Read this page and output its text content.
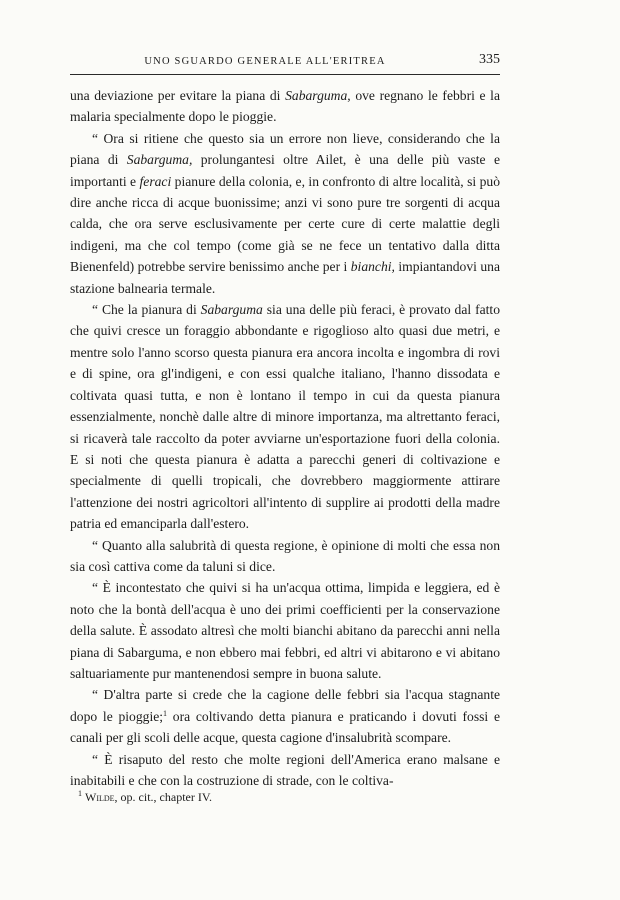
UNO SGUARDO GENERALE ALL'ERITREA	335

una deviazione per evitare la piana di Sabarguma, ove regnano le febbri e la malaria specialmente dopo le pioggie.

“ Ora si ritiene che questo sia un errore non lieve, considerando che la piana di Sabarguma, prolungantesi oltre Ailet, è una delle più vaste e importanti e feraci pianure della colonia, e, in confronto di altre località, si può dire anche ricca di acque buonissime; anzi vi sono pure tre sorgenti di acqua calda, che ora serve esclusivamente per certe cure di certe malattie degli indigeni, ma che col tempo (come già se ne fece un tentativo dalla ditta Bienenfeld) potrebbe servire benissimo anche per i bianchi, impiantandovi una stazione balnearia termale.

“ Che la pianura di Sabarguma sia una delle più feraci, è provato dal fatto che quivi cresce un foraggio abbondante e rigoglioso alto quasi due metri, e mentre solo l'anno scorso questa pianura era ancora incolta e ingombra di rovi e di spine, ora gl'indigeni, e con essi qualche italiano, l'hanno dissodata e coltivata quasi tutta, e non è lontano il tempo in cui da questa pianura essenzialmente, nonchè dalle altre di minore importanza, ma altrettanto feraci, si ricaverà tale raccolto da poter avviarne un'esportazione fuori della colonia. E si noti che questa pianura è adatta a parecchi generi di coltivazione e specialmente di quelli tropicali, che dovrebbero maggiormente attirare l'attenzione dei nostri agricoltori all'intento di supplire ai prodotti della madre patria ed emanciparla dall'estero.

“ Quanto alla salubrità di questa regione, è opinione di molti che essa non sia così cattiva come da taluni si dice.

“ È incontestato che quivi si ha un'acqua ottima, limpida e leggiera, ed è noto che la bontà dell'acqua è uno dei primi coefficienti per la conservazione della salute. È assodato altresì che molti bianchi abitano da parecchi anni nella piana di Sabarguma, e non ebbero mai febbri, ed altri vi abitarono e vi abitano saltuariamente pur mantenendosi sempre in buona salute.

“ D'altra parte si crede che la cagione delle febbri sia l'acqua stagnante dopo le pioggie;$^1$ ora coltivando detta pianura e praticando i dovuti fossi e canali per gli scoli delle acque, questa cagione d'insalubrità scompare.

“ È risaputo del resto che molte regioni dell'America erano malsane e inabitabili e che con la costruzione di strade, con le coltiva-

$^1$ Wilde, op. cit., chapter IV.
